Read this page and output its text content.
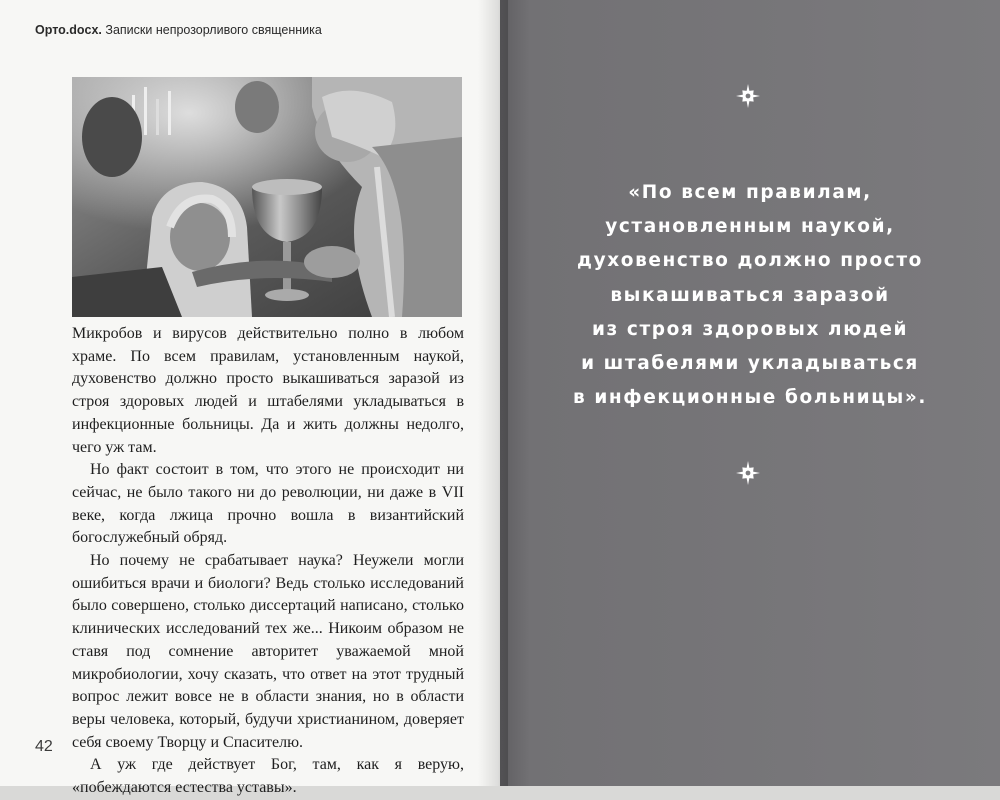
Орто.docx. Записки непрозорливого священника

Микробов и вирусов действительно полно в любом храме. По всем правилам, установленным наукой, духовенство должно просто выкашиваться заразой из строя здоровых людей и штабелями укладываться в инфекционные больницы. Да и жить должны недолго, чего уж там.

Но факт состоит в том, что этого не происходит ни сейчас, не было такого ни до революции, ни даже в VII веке, когда лжица прочно вошла в византийский богослужебный обряд.

Но почему не срабатывает наука? Неужели могли ошибиться врачи и биологи? Ведь столько исследований было совершено, столько диссертаций написано, столько клинических исследований тех же... Никоим образом не ставя под сомнение авторитет уважаемой мной микробиологии, хочу сказать, что ответ на этот трудный вопрос лежит вовсе не в области знания, но в области веры человека, который, будучи христианином, доверяет себя своему Творцу и Спасителю.

А уж где действует Бог, там, как я верую, «побеждаются естества уставы».

42
«По всем правилам,
установленным наукой,
духовенство должно просто
выкашиваться заразой
из строя здоровых людей
и штабелями укладываться
в инфекционные больницы».
